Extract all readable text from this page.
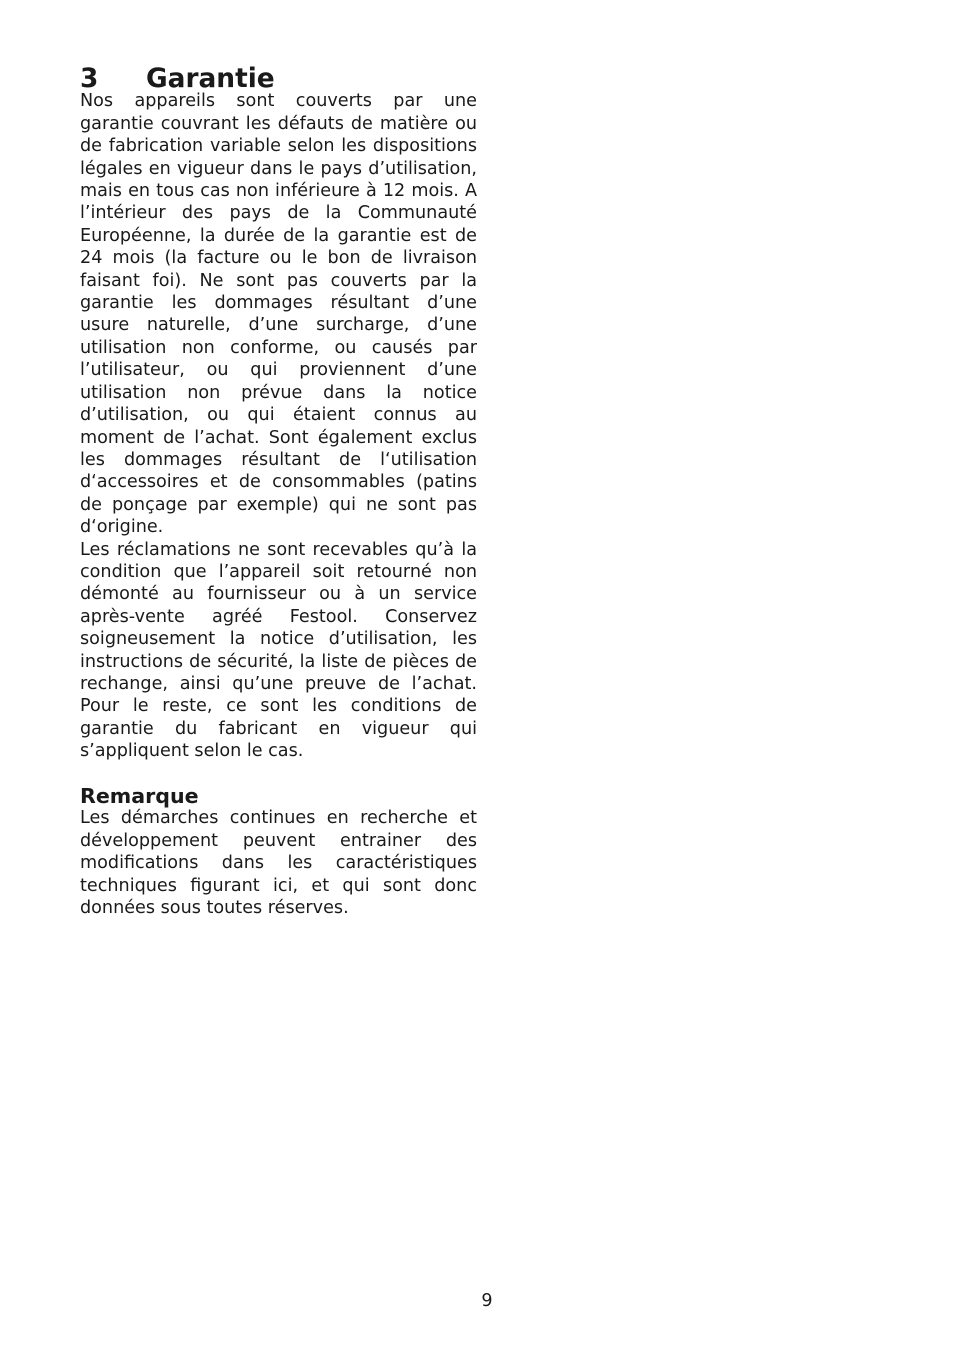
3	Garantie

Nos appareils sont couverts par une garantie couvrant les défauts de matière ou de fabrication variable selon les dispositions légales en vigueur dans le pays d’utilisation, mais en tous cas non inférieure à 12 mois. A l’intérieur des pays de la Communauté Européenne, la durée de la garantie est de 24 mois (la facture ou le bon de livraison faisant foi). Ne sont pas couverts par la garantie les dommages résultant d’une usure naturelle, d’une surcharge, d’une utilisation non conforme, ou causés par l’utilisateur, ou qui proviennent d’une utilisation non prévue dans la notice d’utilisation, ou qui étaient connus au moment de l’achat. Sont également exclus les dommages résultant de l‘utilisation d‘accessoires et de consommables (patins de ponçage par exemple) qui ne sont pas d‘origine.

Les réclamations ne sont recevables qu’à la condition que l’appareil soit retourné non démonté au fournisseur ou à un service après-vente agréé Festool. Conservez soigneusement la notice d’utilisation, les instructions de sécurité, la liste de pièces de rechange, ainsi qu’une preuve de l’achat. Pour le reste, ce sont les conditions de garantie du fabricant en vigueur qui s’appliquent selon le cas.

Remarque

Les démarches continues en recherche et développement peuvent entrainer des modifications dans les caractéristiques techniques figurant ici, et qui sont donc données sous toutes réserves.

9
